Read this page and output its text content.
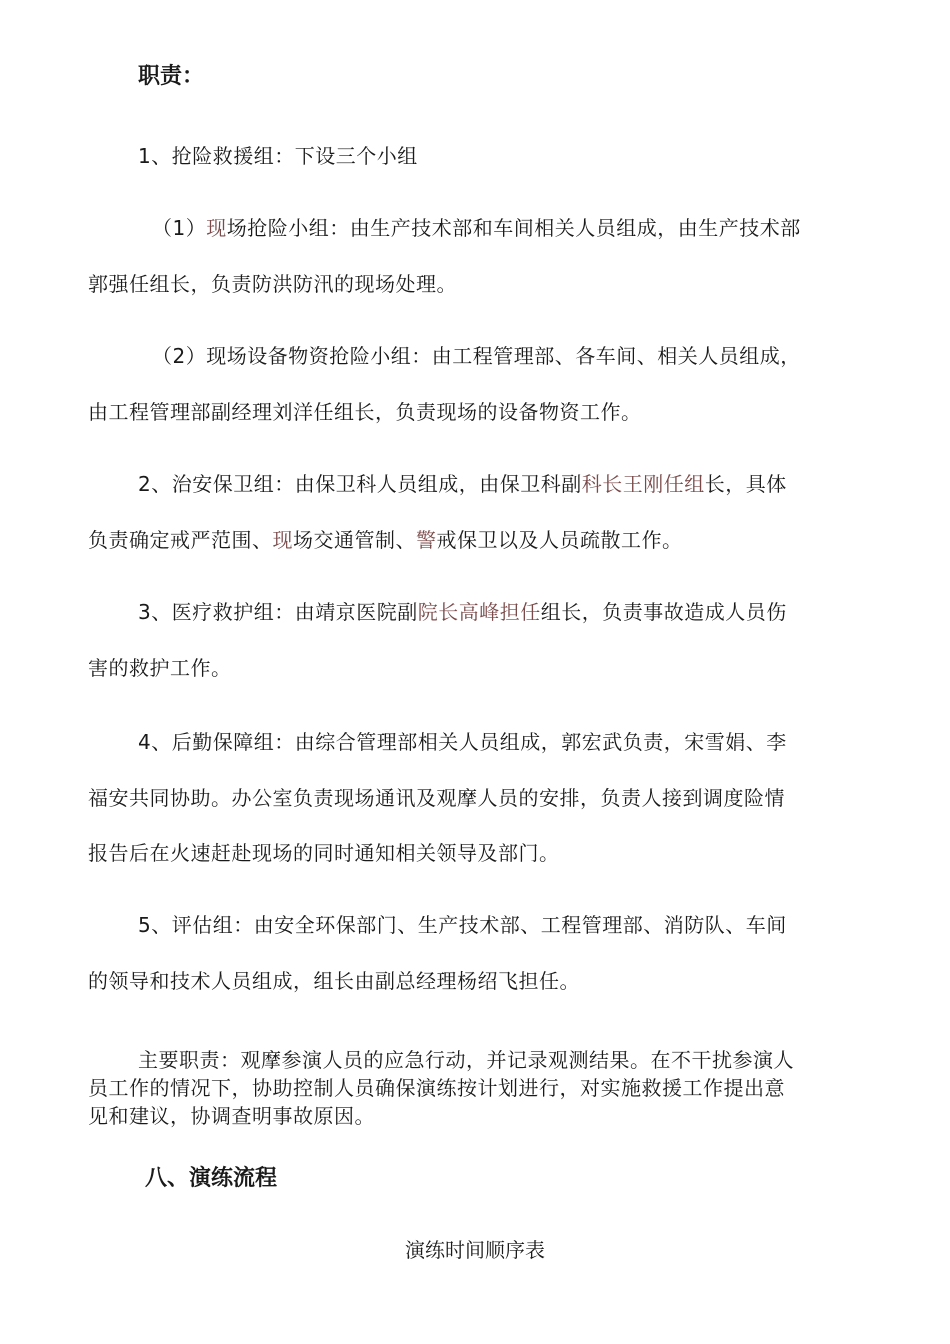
职责：
1、抢险救援组：下设三个小组
（1）现场抢险小组：由生产技术部和车间相关人员组成，由生产技术部
郭强任组长，负责防洪防汛的现场处理。
（2）现场设备物资抢险小组：由工程管理部、各车间、相关人员组成，
由工程管理部副经理刘洋任组长，负责现场的设备物资工作。
2、治安保卫组：由保卫科人员组成，由保卫科副科长王刚任组长，具体
负责确定戒严范围、现场交通管制、警戒保卫以及人员疏散工作。
3、医疗救护组：由靖京医院副院长高峰担任组长，负责事故造成人员伤
害的救护工作。
4、后勤保障组：由综合管理部相关人员组成，郭宏武负责，宋雪娟、李
福安共同协助。办公室负责现场通讯及观摩人员的安排，负责人接到调度险情
报告后在火速赶赴现场的同时通知相关领导及部门。
5、评估组：由安全环保部门、生产技术部、工程管理部、消防队、车间
的领导和技术人员组成，组长由副总经理杨绍飞担任。
主要职责：观摩参演人员的应急行动，并记录观测结果。在不干扰参演人
员工作的情况下，协助控制人员确保演练按计划进行，对实施救援工作提出意
见和建议，协调查明事故原因。
八、演练流程
演练时间顺序表
